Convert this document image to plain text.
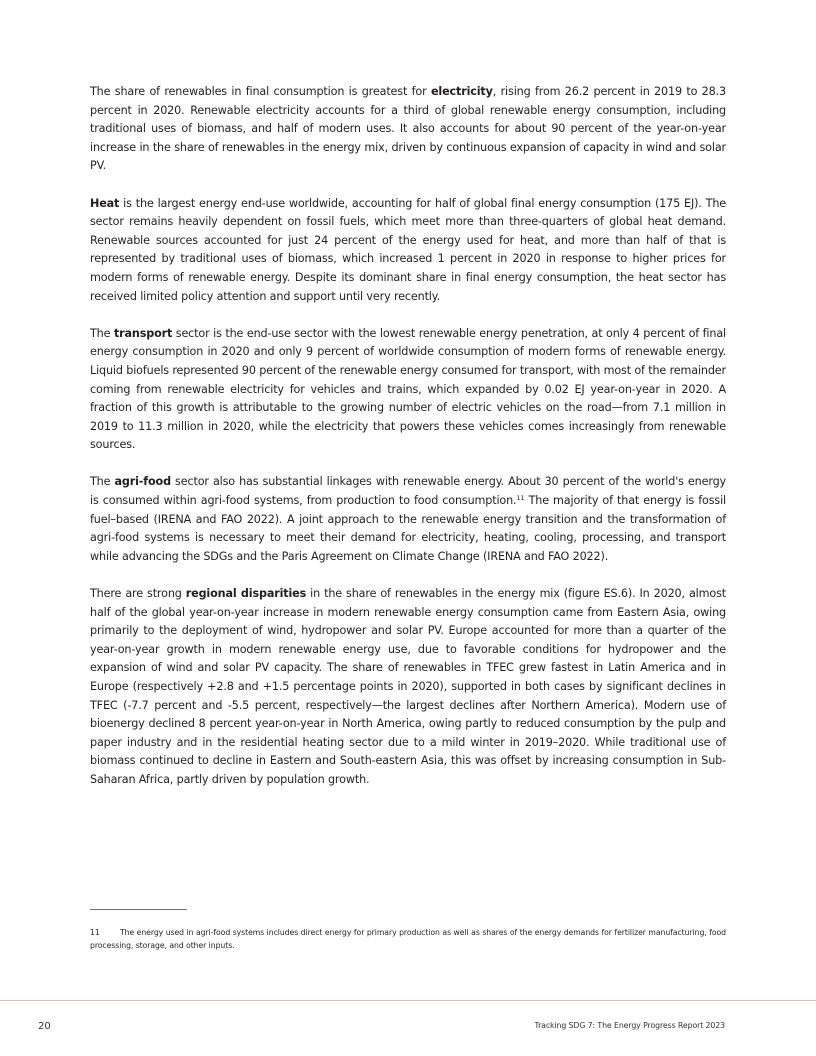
The share of renewables in final consumption is greatest for electricity, rising from 26.2 percent in 2019 to 28.3 percent in 2020. Renewable electricity accounts for a third of global renewable energy consumption, including traditional uses of biomass, and half of modern uses. It also accounts for about 90 percent of the year-on-year increase in the share of renewables in the energy mix, driven by continuous expansion of capacity in wind and solar PV.

Heat is the largest energy end-use worldwide, accounting for half of global final energy consumption (175 EJ). The sector remains heavily dependent on fossil fuels, which meet more than three-quarters of global heat demand. Renewable sources accounted for just 24 percent of the energy used for heat, and more than half of that is represented by traditional uses of biomass, which increased 1 percent in 2020 in response to higher prices for modern forms of renewable energy. Despite its dominant share in final energy consumption, the heat sector has received limited policy attention and support until very recently.

The transport sector is the end-use sector with the lowest renewable energy penetration, at only 4 percent of final energy consumption in 2020 and only 9 percent of worldwide consumption of modern forms of renewable energy. Liquid biofuels represented 90 percent of the renewable energy consumed for transport, with most of the remainder coming from renewable electricity for vehicles and trains, which expanded by 0.02 EJ year-on-year in 2020. A fraction of this growth is attributable to the growing number of electric vehicles on the road—from 7.1 million in 2019 to 11.3 million in 2020, while the electricity that powers these vehicles comes increasingly from renewable sources.

The agri-food sector also has substantial linkages with renewable energy. About 30 percent of the world's energy is consumed within agri-food systems, from production to food consumption.$^{11}$ The majority of that energy is fossil fuel–based (IRENA and FAO 2022). A joint approach to the renewable energy transition and the transformation of agri-food systems is necessary to meet their demand for electricity, heating, cooling, processing, and transport while advancing the SDGs and the Paris Agreement on Climate Change (IRENA and FAO 2022).

There are strong regional disparities in the share of renewables in the energy mix (figure ES.6). In 2020, almost half of the global year-on-year increase in modern renewable energy consumption came from Eastern Asia, owing primarily to the deployment of wind, hydropower and solar PV. Europe accounted for more than a quarter of the year-on-year growth in modern renewable energy use, due to favorable conditions for hydropower and the expansion of wind and solar PV capacity. The share of renewables in TFEC grew fastest in Latin America and in Europe (respectively +2.8 and +1.5 percentage points in 2020), supported in both cases by significant declines in TFEC (-7.7 percent and -5.5 percent, respectively—the largest declines after Northern America). Modern use of bioenergy declined 8 percent year-on-year in North America, owing partly to reduced consumption by the pulp and paper industry and in the residential heating sector due to a mild winter in 2019–2020. While traditional use of biomass continued to decline in Eastern and South-eastern Asia, this was offset by increasing consumption in Sub-Saharan Africa, partly driven by population growth.

11	The energy used in agri-food systems includes direct energy for primary production as well as shares of the energy demands for fertilizer manufacturing, food processing, storage, and other inputs.

20	Tracking SDG 7: The Energy Progress Report 2023
